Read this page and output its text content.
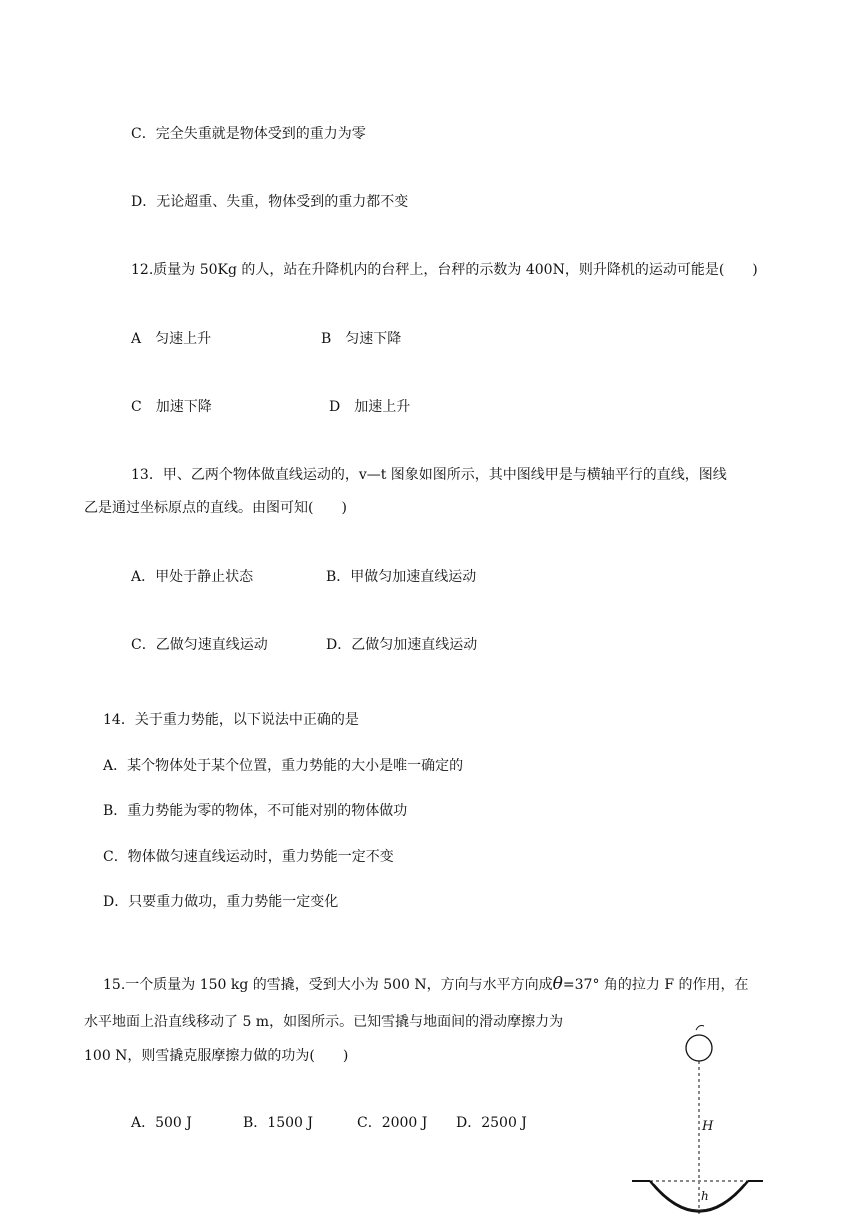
C．完全失重就是物体受到的重力为零
D．无论超重、失重，物体受到的重力都不变
12.质量为 50Kg 的人，站在升降机内的台秤上，台秤的示数为 400N，则升降机的运动可能是(　　)
A　匀速上升	B　匀速下降
C　加速下降	D　加速上升
13．甲、乙两个物体做直线运动的，v—t 图象如图所示，其中图线甲是与横轴平行的直线，图线
乙是通过坐标原点的直线。由图可知(　　)
A．甲处于静止状态	B．甲做匀加速直线运动
C．乙做匀速直线运动	D．乙做匀加速直线运动
14．关于重力势能，以下说法中正确的是
A．某个物体处于某个位置，重力势能的大小是唯一确定的
B．重力势能为零的物体，不可能对别的物体做功
C．物体做匀速直线运动时，重力势能一定不变
D．只要重力做功，重力势能一定变化
15.一个质量为 150 kg 的雪撬，受到大小为 500 N，方向与水平方向成θ=37° 角的拉力 F 的作用，在
水平地面上沿直线移动了 5 m，如图所示。已知雪撬与地面间的滑动摩擦力为
100 N，则雪撬克服摩擦力做的功为(　　)
A．500 J	B．1500 J	C．2000 J D．2500 J	H
h
